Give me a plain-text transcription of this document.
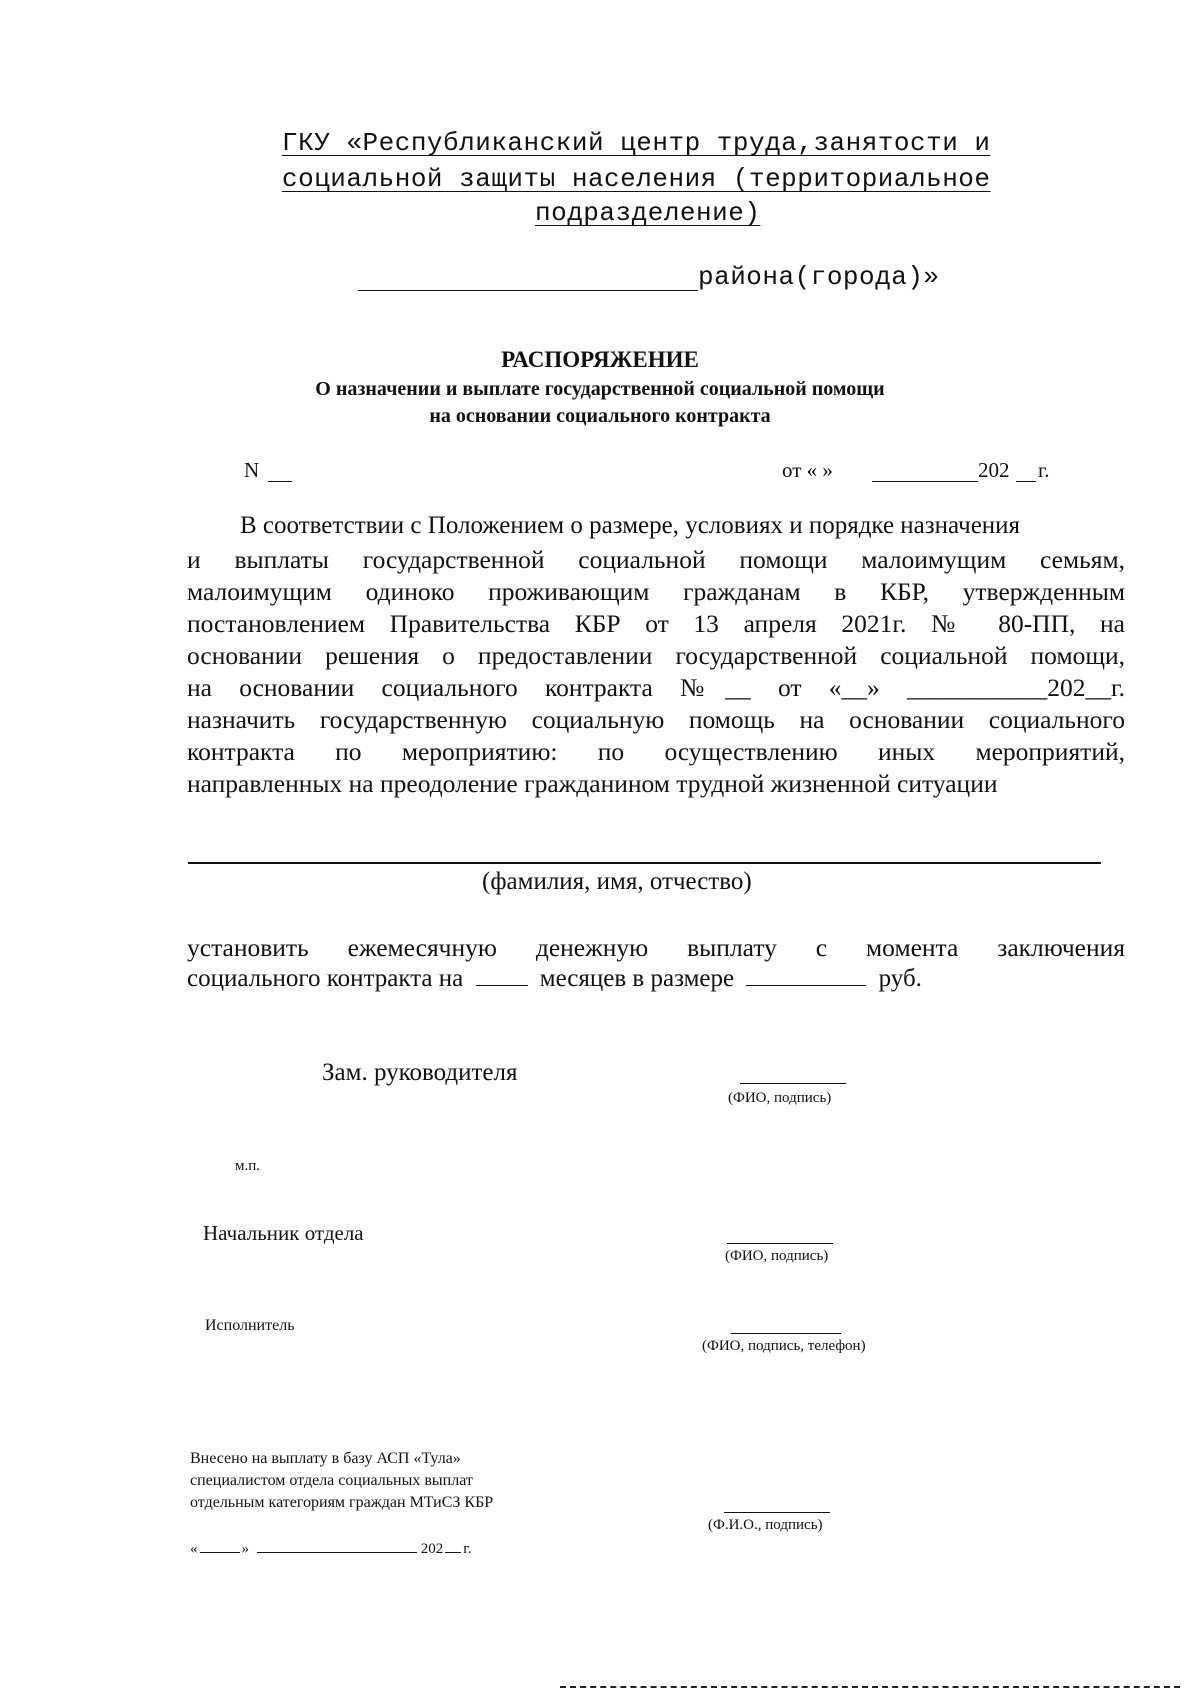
ГКУ «Республиканский центр труда,занятости и
социальной защиты населения (территориальное
подразделение)
района(города)»
РАСПОРЯЖЕНИЕ
О назначении и выплате государственной социальной помощи
на основании социального контракта
N	от « »	202 г.
В соответствии с Положением о размере, условиях и порядке назначения
и выплаты государственной социальной помощи малоимущим семьям,
малоимущим одиноко проживающим гражданам в КБР, утвержденным
постановлением Правительства КБР от 13 апреля 2021г. № 80-ПП, на
основании решения о предоставлении государственной социальной помощи,
на основании социального контракта №__ от «__» ___________202__г.
назначить государственную социальную помощь на основании социального
контракта по мероприятию: по осуществлению иных мероприятий,
направленных на преодоление гражданином трудной жизненной ситуации
(фамилия, имя, отчество)
установить ежемесячную денежную выплату с момента заключения
социального контракта на	месяцев в размере	руб.
Зам. руководителя
(ФИО, подпись)
м.п.
Начальник отдела
(ФИО, подпись)
Исполнитель
(ФИО, подпись, телефон)
Внесено на выплату в базу АСП «Тула»
специалистом отдела социальных выплат
отдельным категориям граждан МТиСЗ КБР
(Ф.И.О., подпись)
«	»	202 г.
